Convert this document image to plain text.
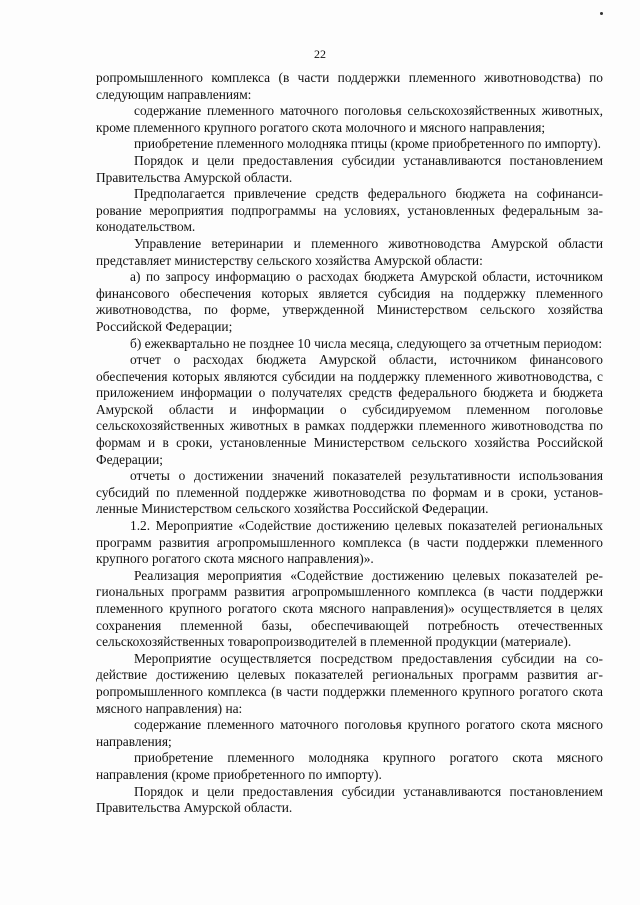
22

ропромышленного комплекса (в части поддержки племенного животноводства) по следующим направлениям:

содержание племенного маточного поголовья сельскохозяйственных животных, кроме племенного крупного рогатого скота молочного и мясного направления;

приобретение племенного молодняка птицы (кроме приобретенного по импорту).

Порядок и цели предоставления субсидии устанавливаются постановлением Правительства Амурской области.

Предполагается привлечение средств федерального бюджета на софинансирование мероприятия подпрограммы на условиях, установленных федеральным законодательством.

Управление ветеринарии и племенного животноводства Амурской области представляет министерству сельского хозяйства Амурской области:

а) по запросу информацию о расходах бюджета Амурской области, источником финансового обеспечения которых является субсидия на поддержку племенного животноводства, по форме, утвержденной Министерством сельского хозяйства Российской Федерации;

б) ежеквартально не позднее 10 числа месяца, следующего за отчетным периодом:

отчет о расходах бюджета Амурской области, источником финансового обеспечения которых являются субсидии на поддержку племенного животноводства, с приложением информации о получателях средств федерального бюджета и бюджета Амурской области и информации о субсидируемом племенном поголовье сельскохозяйственных животных в рамках поддержки племенного животноводства по формам и в сроки, установленные Министерством сельского хозяйства Российской Федерации;

отчеты о достижении значений показателей результативности использования субсидий по племенной поддержке животноводства по формам и в сроки, установленные Министерством сельского хозяйства Российской Федерации.

1.2. Мероприятие «Содействие достижению целевых показателей региональных программ развития агропромышленного комплекса (в части поддержки племенного крупного рогатого скота мясного направления)».

Реализация мероприятия «Содействие достижению целевых показателей региональных программ развития агропромышленного комплекса (в части поддержки племенного крупного рогатого скота мясного направления)» осуществляется в целях сохранения племенной базы, обеспечивающей потребность отечественных сельскохозяйственных товаропроизводителей в племенной продукции (материале).

Мероприятие осуществляется посредством предоставления субсидии на содействие достижению целевых показателей региональных программ развития агропромышленного комплекса (в части поддержки племенного крупного рогатого скота мясного направления) на:

содержание племенного маточного поголовья крупного рогатого скота мясного направления;

приобретение племенного молодняка крупного рогатого скота мясного направления (кроме приобретенного по импорту).

Порядок и цели предоставления субсидии устанавливаются постановлением Правительства Амурской области.
